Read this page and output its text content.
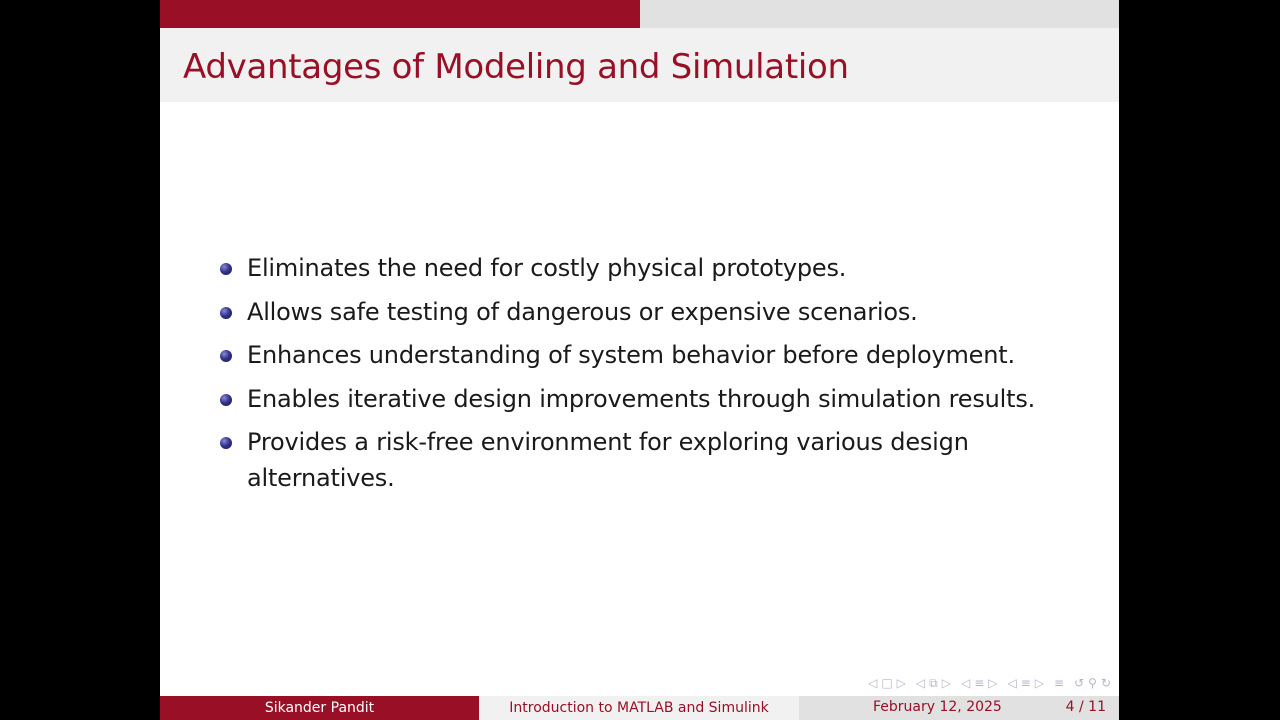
Advantages of Modeling and Simulation
Eliminates the need for costly physical prototypes.
Allows safe testing of dangerous or expensive scenarios.
Enhances understanding of system behavior before deployment.
Enables iterative design improvements through simulation results.
Provides a risk-free environment for exploring various design alternatives.
◁ □ ▷ ◁ ⧉ ▷ ◁ ≡ ▷ ◁ ≡ ▷ ≡ ↺ ⚲ ↻
Sikander Pandit	Introduction to MATLAB and Simulink	February 12, 2025	4 / 11
